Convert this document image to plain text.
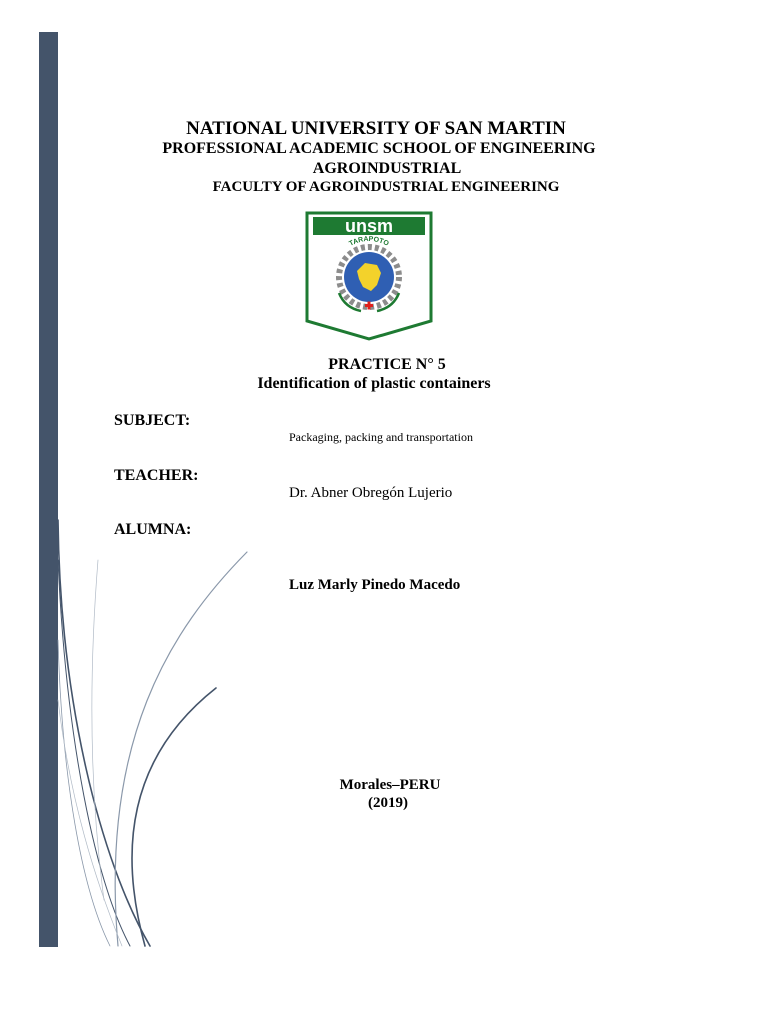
NATIONAL UNIVERSITY OF SAN MARTIN
PROFESSIONAL ACADEMIC SCHOOL OF ENGINEERING
AGROINDUSTRIAL
FACULTY OF AGROINDUSTRIAL ENGINEERING
unsm
TARAPOTO
PRACTICE N° 5
Identification of plastic containers
SUBJECT:
Packaging, packing and transportation
TEACHER:
Dr. Abner Obregón Lujerio
ALUMNA:
Luz Marly Pinedo Macedo
Morales–PERU
(2019)
